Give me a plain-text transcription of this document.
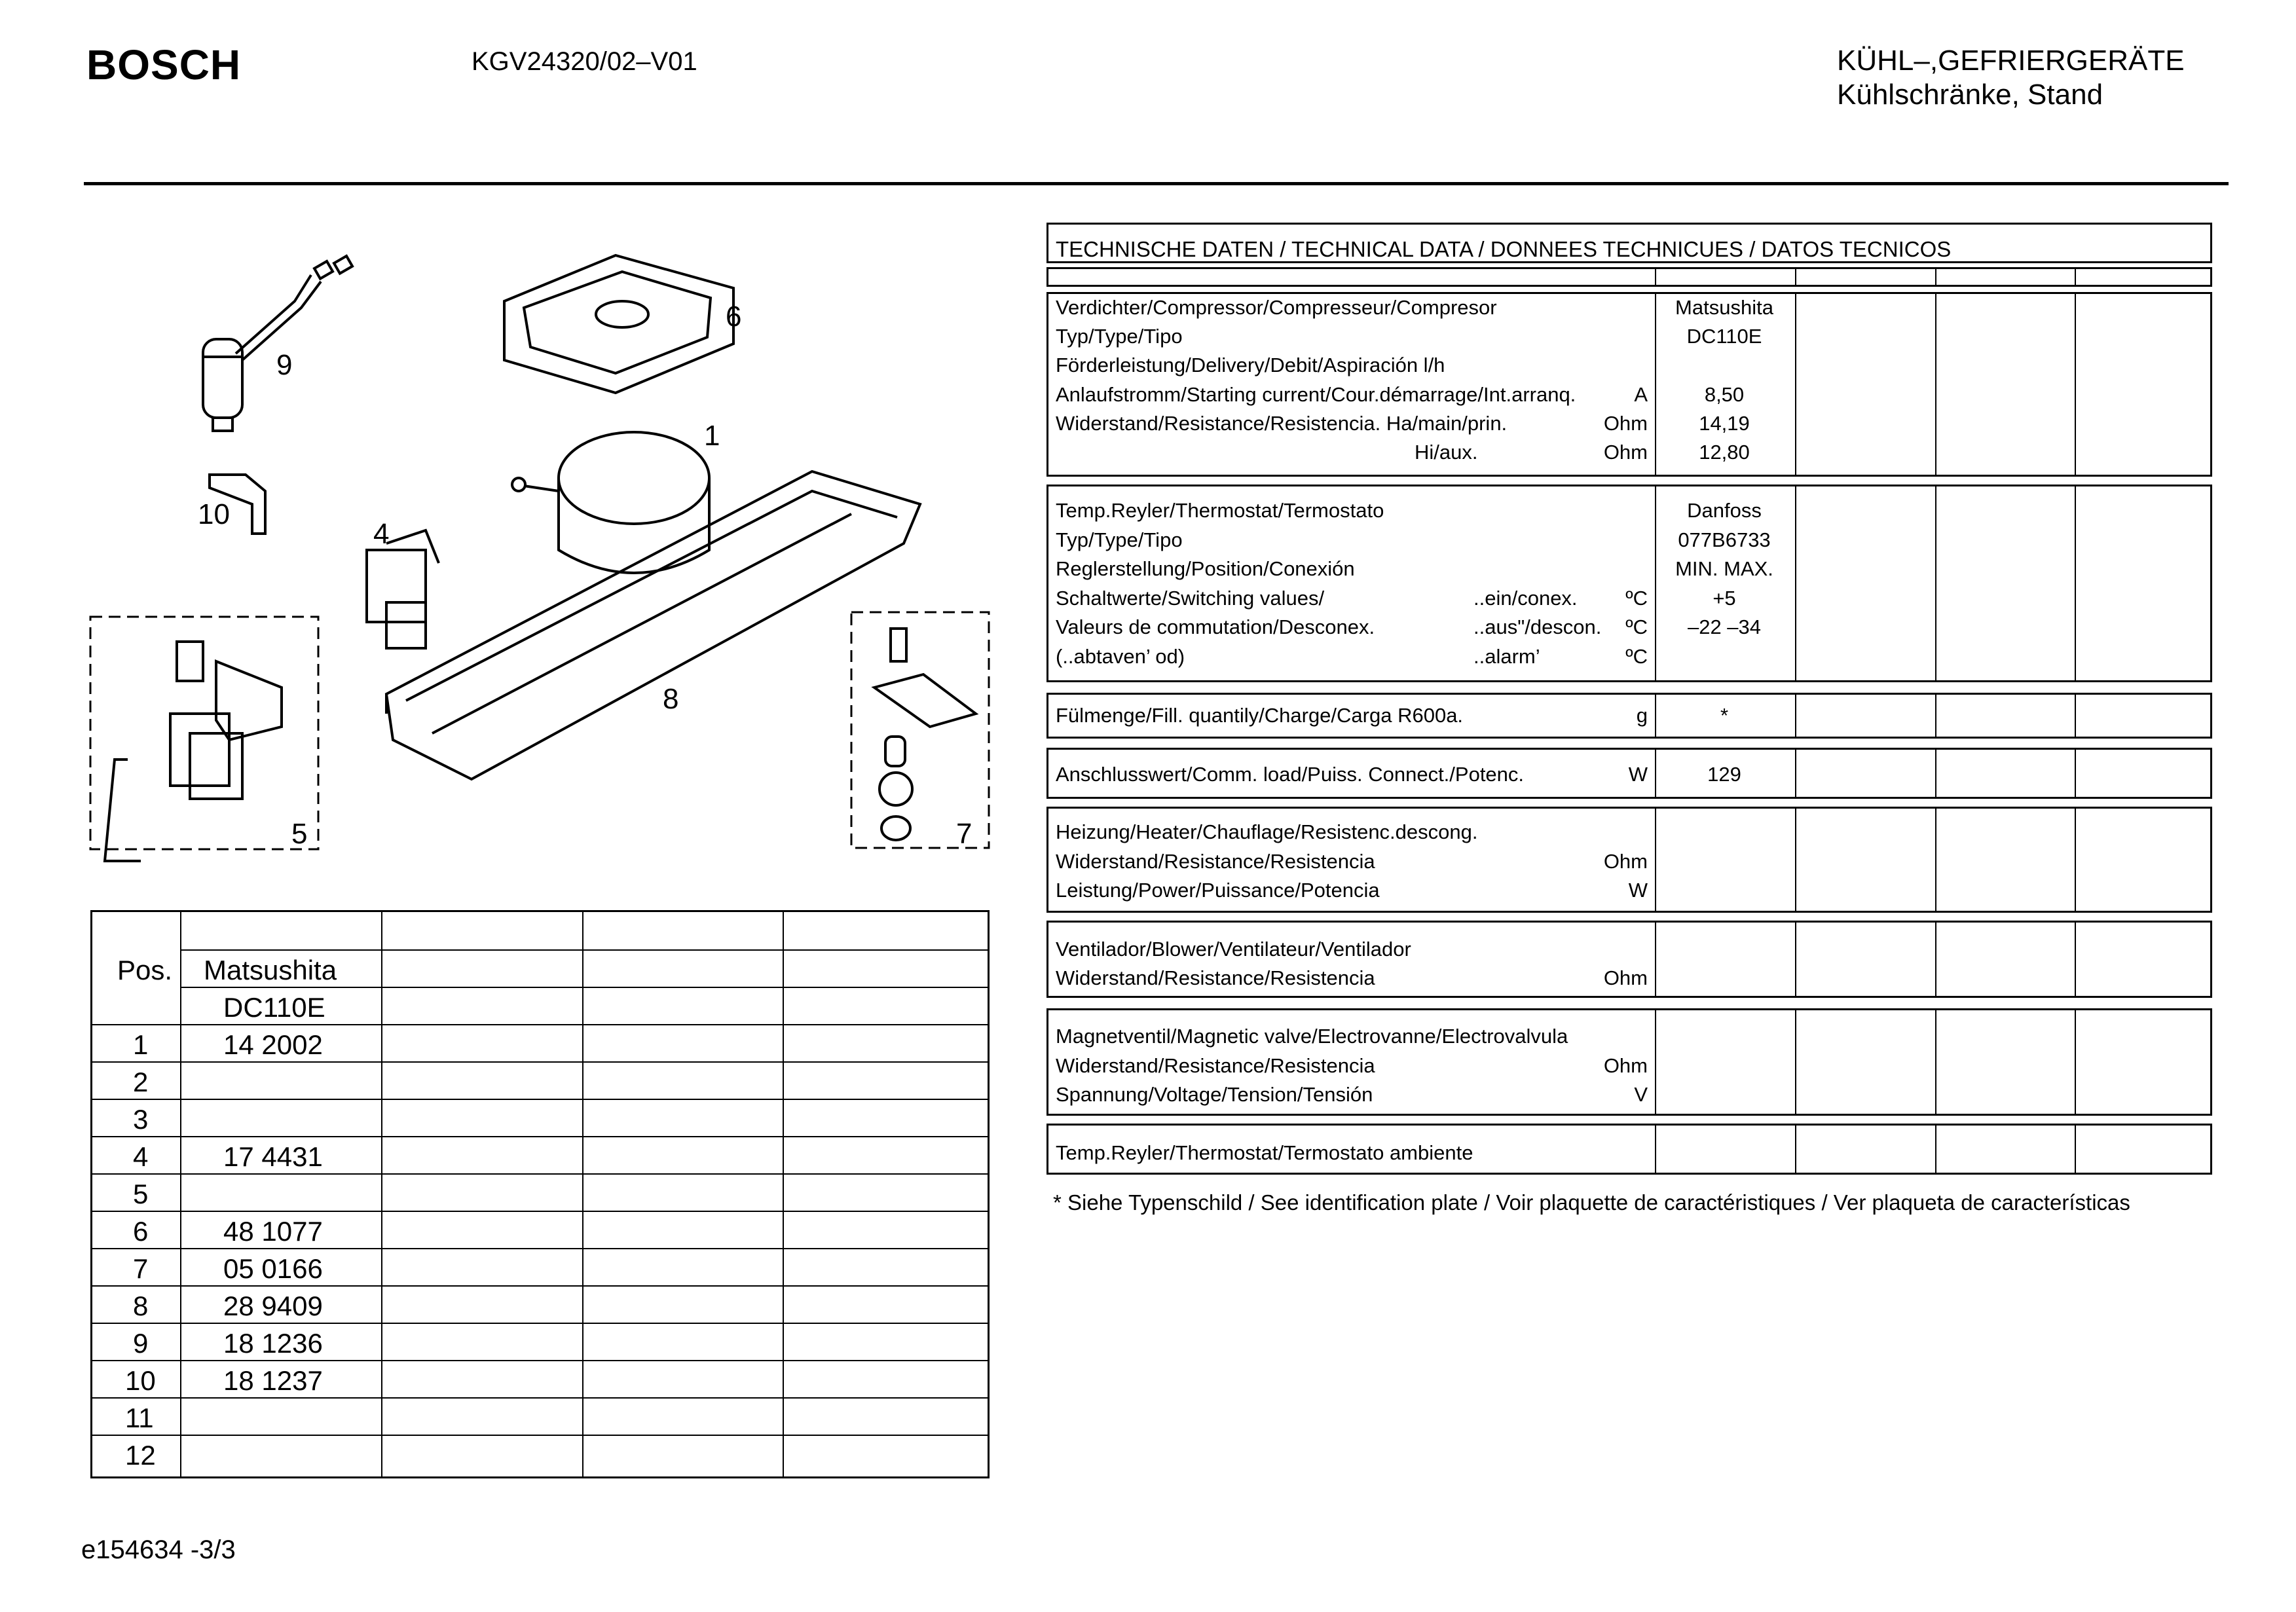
BOSCH	KGV24320/02–V01	KÜHL–,GEFRIERGERÄTE
Kühlschränke, Stand
1
4
5
6
7
8
9
10
Pos. Matsushita
DC110E
1	14 2002
2
3
4	17 4431
5
6	48 1077
7	05 0166
8	28 9409
9	18 1236
10 18 1237
11
12
TECHNISCHE DATEN / TECHNICAL DATA / DONNEES TECHNICUES / DATOS TECNICOS
Verdichter/Compressor/Compresseur/Compresor	Matsushita
Typ/Type/Tipo	DC110E
Förderleistung/Delivery/Debit/Aspiración l/h
Anlaufstromm/Starting current/Cour.démarrage/Int.arranq.	A	8,50
Widerstand/Resistance/Resistencia. Ha/main/prin.	Ohm	14,19
Hi/aux.	Ohm	12,80
Temp.Reyler/Thermostat/Termostato	Danfoss
Typ/Type/Tipo	077B6733
Reglerstellung/Position/Conexión	MIN. MAX.
Schaltwerte/Switching values/	..ein/conex.	ºC	+5
Valeurs de commutation/Desconex.	..aus"/descon.	ºC	–22 –34
(..abtaven’ od)	..alarm’	ºC
Fülmenge/Fill. quantily/Charge/Carga R600a.	g	*
Anschlusswert/Comm. load/Puiss. Connect./Potenc.	W	129
Heizung/Heater/Chauflage/Resistenc.descong.
Widerstand/Resistance/Resistencia	Ohm
Leistung/Power/Puissance/Potencia	W
Ventilador/Blower/Ventilateur/Ventilador
Widerstand/Resistance/Resistencia	Ohm
Magnetventil/Magnetic valve/Electrovanne/Electrovalvula
Widerstand/Resistance/Resistencia	Ohm
Spannung/Voltage/Tension/Tensión	V
Temp.Reyler/Thermostat/Termostato ambiente
* Siehe Typenschild / See identification plate / Voir plaquette de caractéristiques / Ver plaqueta de características
e154634 -3/3
